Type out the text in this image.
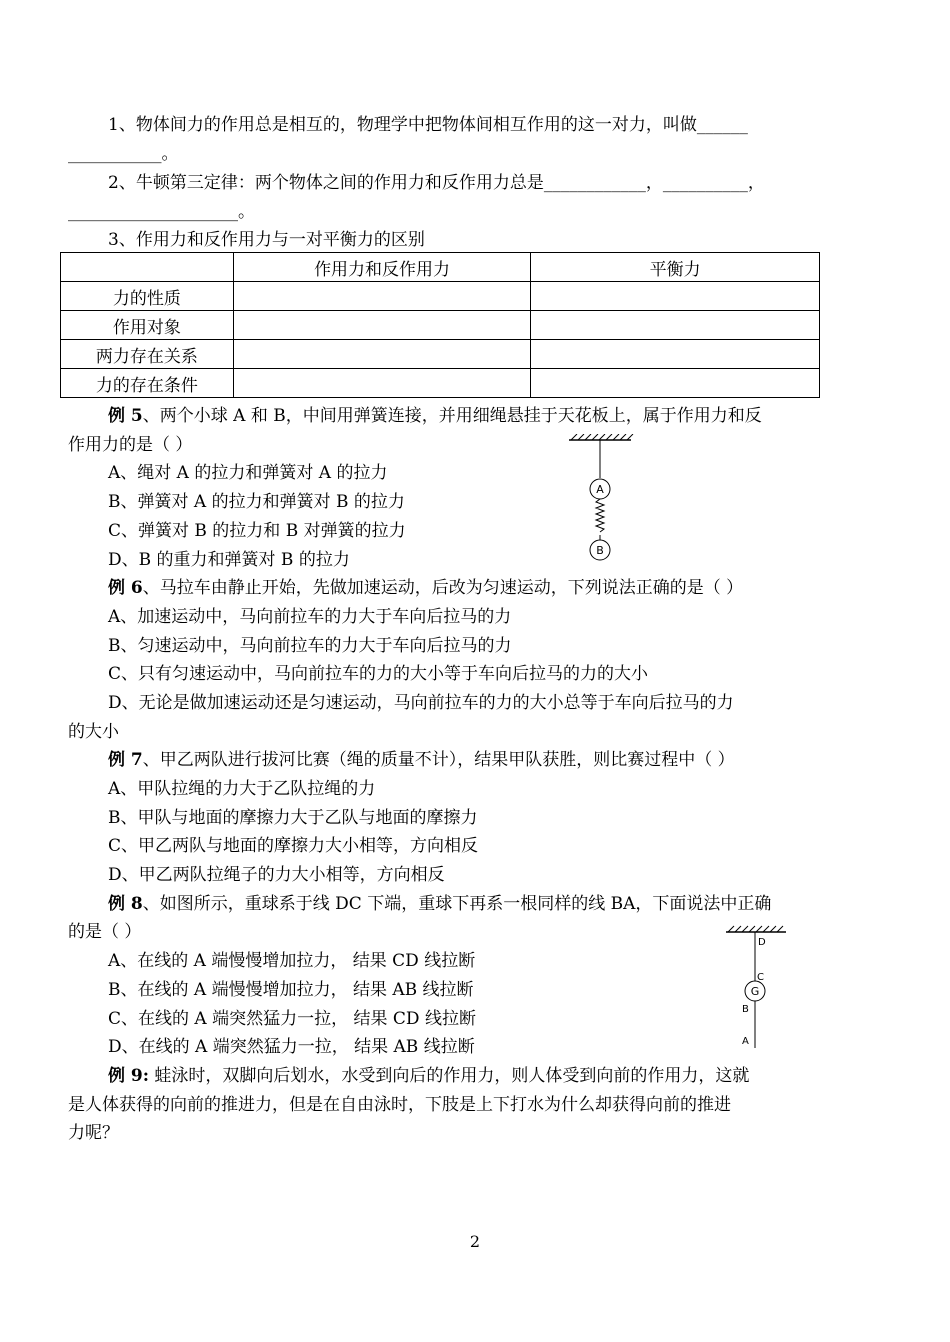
1、物体间力的作用总是相互的，物理学中把物体间相互作用的这一对力，叫做______
___________。
2、牛顿第三定律：两个物体之间的作用力和反作用力总是____________，__________，
____________________。
3、作用力和反作用力与一对平衡力的区别
	作用力和反作用力	平衡力
力的性质		
作用对象		
两力存在关系		
力的存在条件		
例 5、两个小球 A 和 B，中间用弹簧连接，并用细绳悬挂于天花板上，属于作用力和反
作用力的是（ ）
A、绳对 A 的拉力和弹簧对 A 的拉力
B、弹簧对 A 的拉力和弹簧对 B 的拉力
C、弹簧对 B 的拉力和 B 对弹簧的拉力
D、B 的重力和弹簧对 B 的拉力
A
B
例 6、马拉车由静止开始，先做加速运动，后改为匀速运动，下列说法正确的是（ ）
A、加速运动中，马向前拉车的力大于车向后拉马的力
B、匀速运动中，马向前拉车的力大于车向后拉马的力
C、只有匀速运动中，马向前拉车的力的大小等于车向后拉马的力的大小
D、无论是做加速运动还是匀速运动，马向前拉车的力的大小总等于车向后拉马的力
的大小
例 7、甲乙两队进行拔河比赛（绳的质量不计），结果甲队获胜，则比赛过程中（ ）
A、甲队拉绳的力大于乙队拉绳的力
B、甲队与地面的摩擦力大于乙队与地面的摩擦力
C、甲乙两队与地面的摩擦力大小相等，方向相反
D、甲乙两队拉绳子的力大小相等，方向相反
例 8、如图所示，重球系于线 DC 下端，重球下再系一根同样的线 BA，下面说法中正确
的是（ ）
A、在线的 A 端慢慢增加拉力， 结果 CD 线拉断
B、在线的 A 端慢慢增加拉力， 结果 AB 线拉断
C、在线的 A 端突然猛力一拉， 结果 CD 线拉断
D、在线的 A 端突然猛力一拉， 结果 AB 线拉断
D
C
G
B
A
例 9: 蛙泳时，双脚向后划水，水受到向后的作用力，则人体受到向前的作用力，这就
是人体获得的向前的推进力，但是在自由泳时，下肢是上下打水为什么却获得向前的推进
力呢？
2
